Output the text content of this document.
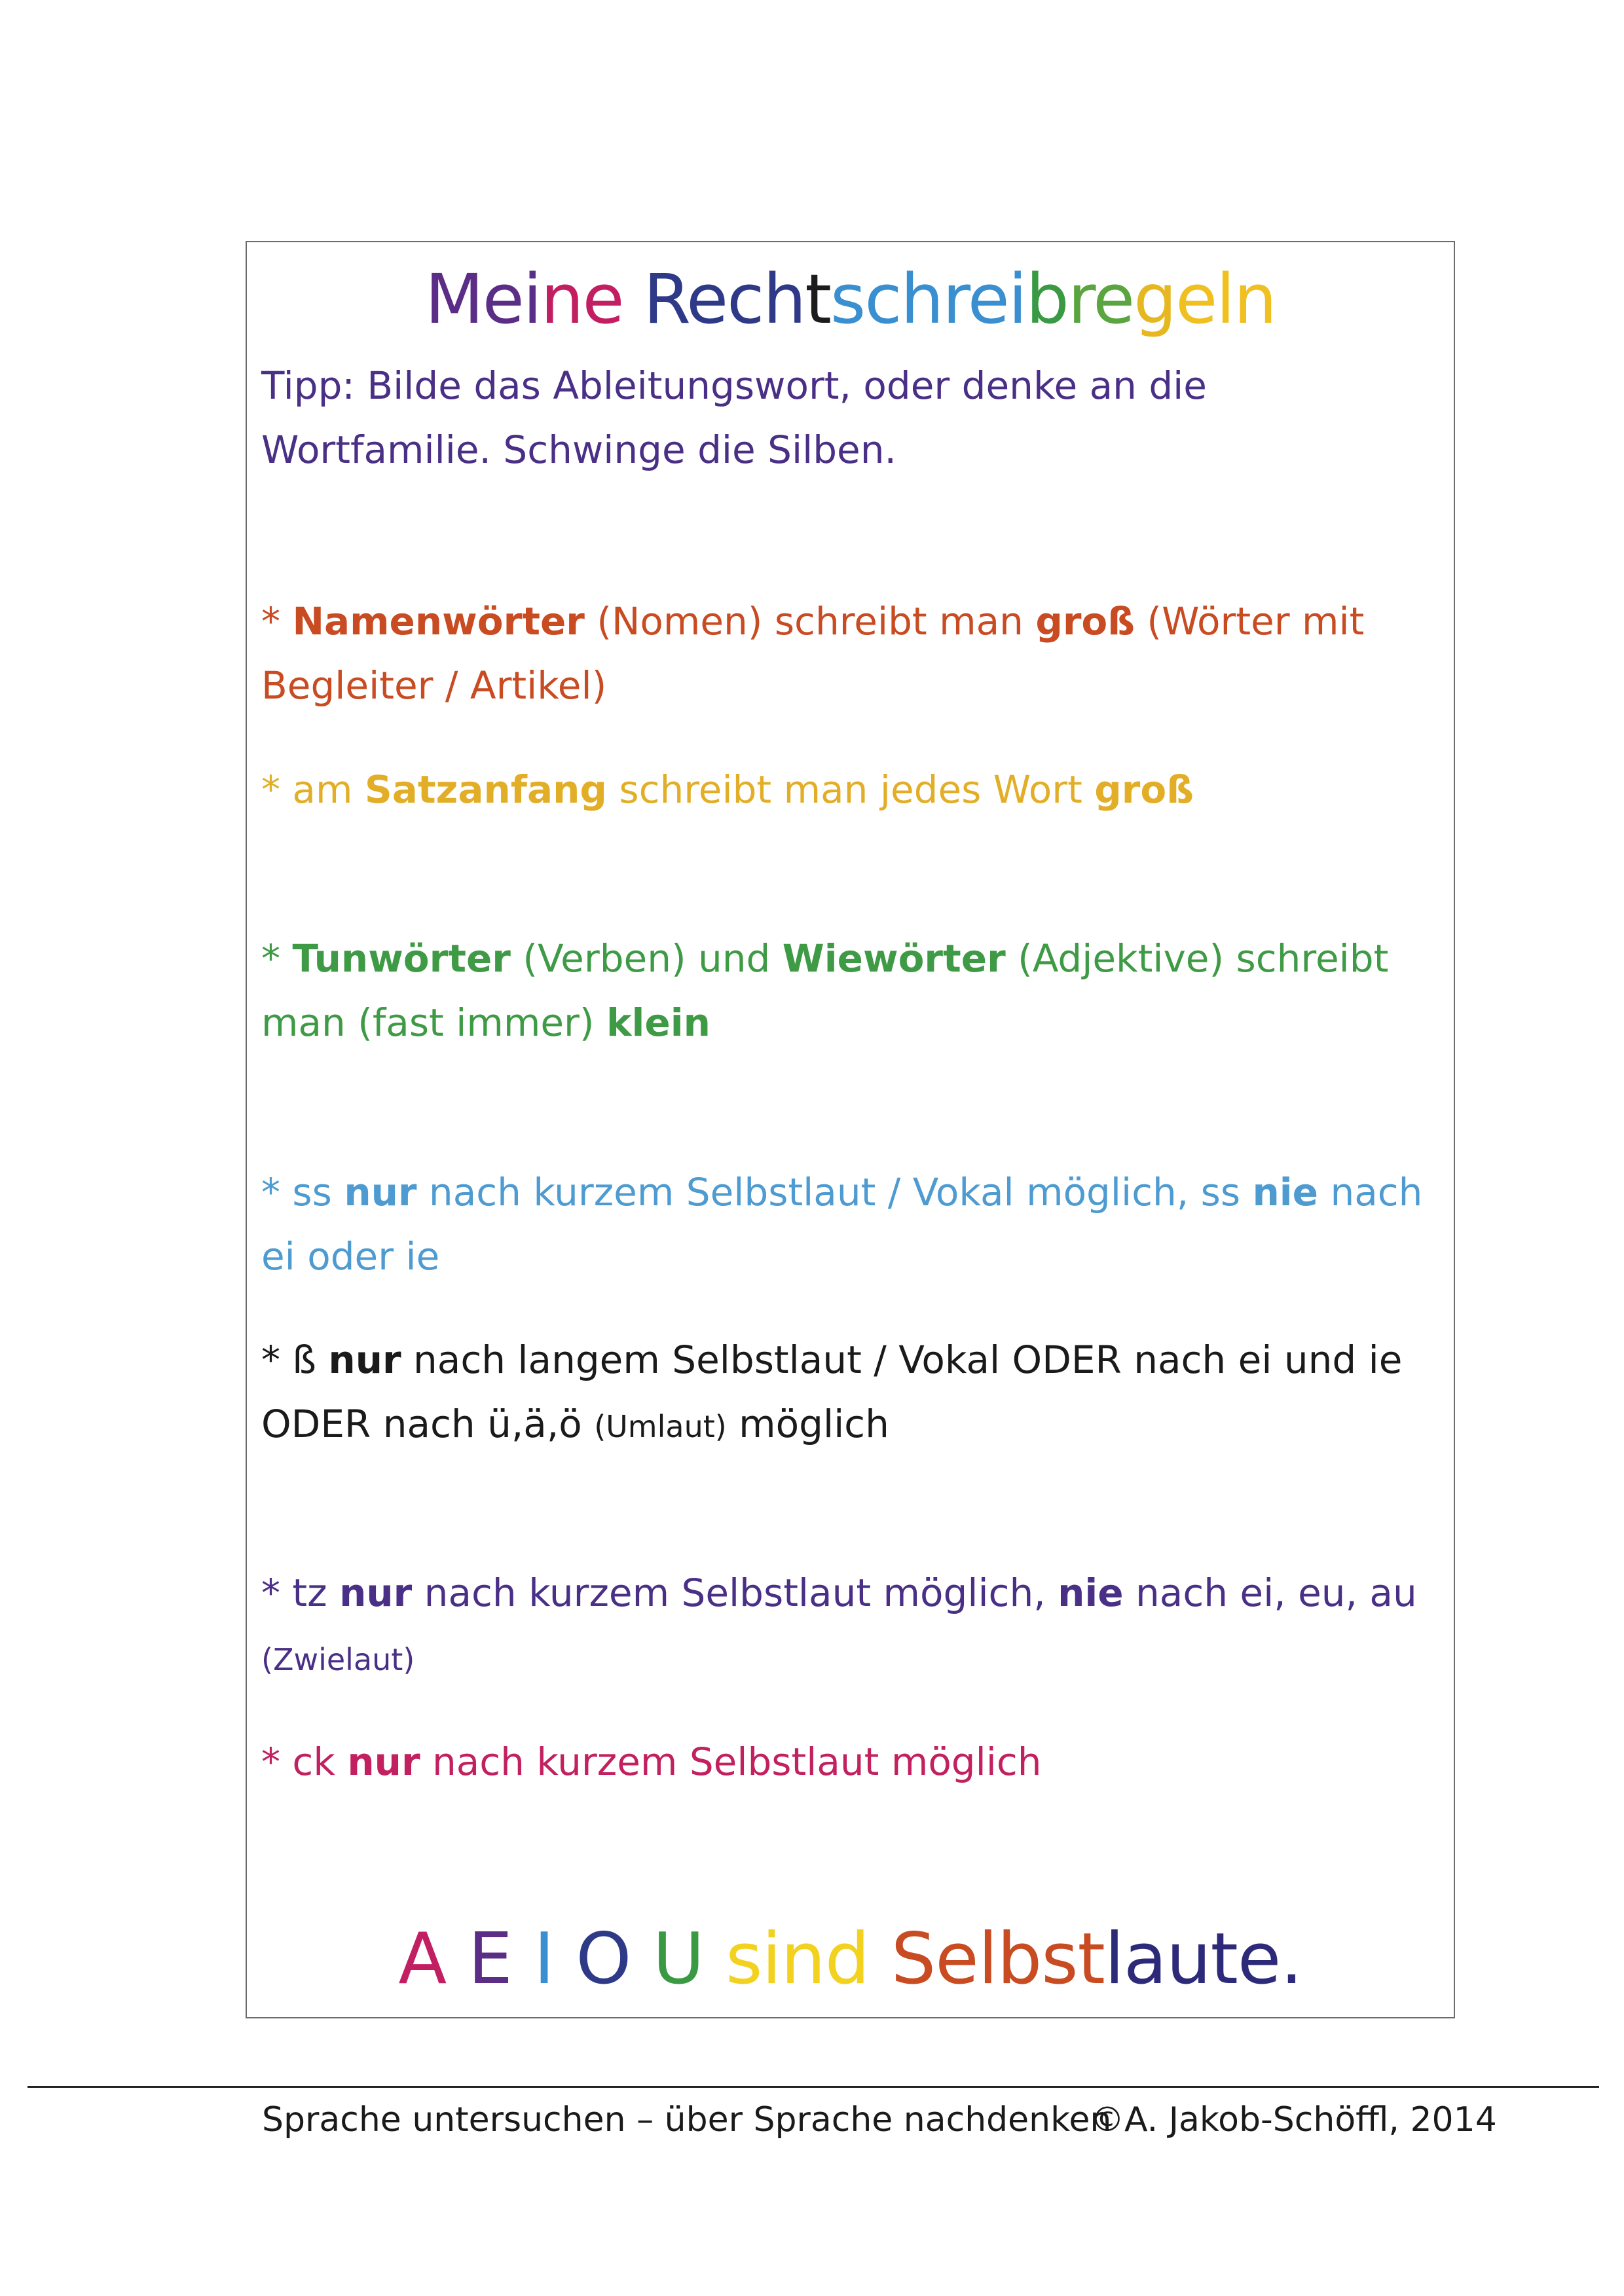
Meine Rechtschreibregeln
Tipp: Bilde das Ableitungswort, oder denke an die Wortfamilie. Schwinge die Silben.
* Namenwörter (Nomen) schreibt man groß (Wörter mit Begleiter / Artikel)
* am Satzanfang schreibt man jedes Wort groß
* Tunwörter (Verben) und Wiewörter (Adjektive) schreibt man (fast immer) klein
* ss nur nach kurzem Selbstlaut / Vokal möglich, ss nie nach ei oder ie
* ß nur nach langem Selbstlaut / Vokal ODER nach ei und ie ODER nach ü,ä,ö (Umlaut) möglich
* tz nur nach kurzem Selbstlaut möglich, nie nach ei, eu, au (Zwielaut)
* ck nur nach kurzem Selbstlaut möglich
A E I O U sind Selbstlaute.
Sprache untersuchen – über Sprache nachdenken
©A. Jakob-Schöffl, 2014
